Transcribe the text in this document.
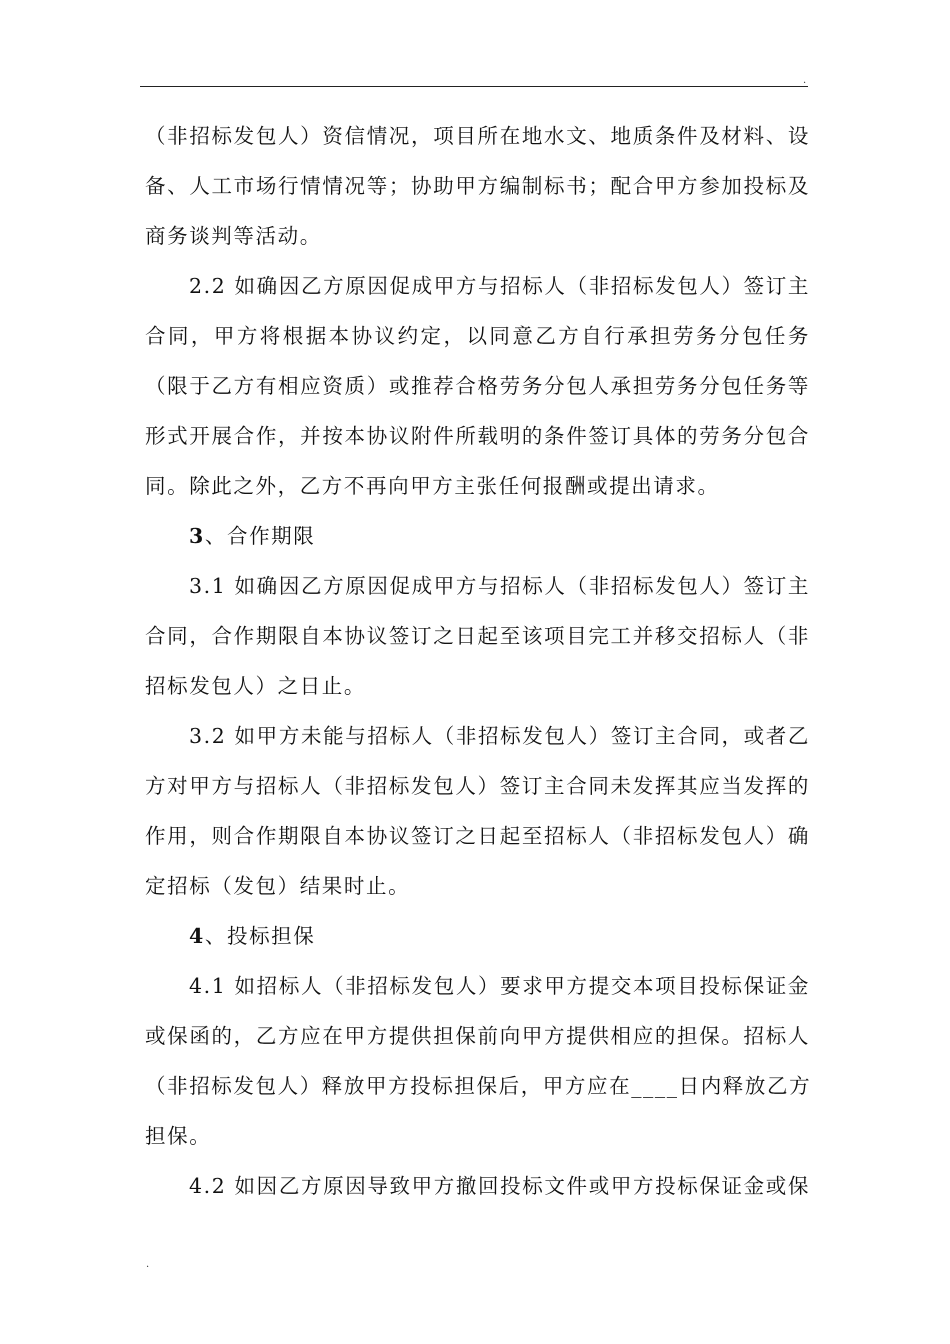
.
（非招标发包人）资信情况，项目所在地水文、地质条件及材料、设
备、人工市场行情情况等；协助甲方编制标书；配合甲方参加投标及
商务谈判等活动。
2.2 如确因乙方原因促成甲方与招标人（非招标发包人）签订主
合同，甲方将根据本协议约定，以同意乙方自行承担劳务分包任务
（限于乙方有相应资质）或推荐合格劳务分包人承担劳务分包任务等
形式开展合作，并按本协议附件所载明的条件签订具体的劳务分包合
同。除此之外，乙方不再向甲方主张任何报酬或提出请求。
3、合作期限
3.1 如确因乙方原因促成甲方与招标人（非招标发包人）签订主
合同，合作期限自本协议签订之日起至该项目完工并移交招标人（非
招标发包人）之日止。
3.2 如甲方未能与招标人（非招标发包人）签订主合同，或者乙
方对甲方与招标人（非招标发包人）签订主合同未发挥其应当发挥的
作用，则合作期限自本协议签订之日起至招标人（非招标发包人）确
定招标（发包）结果时止。
4、投标担保
4.1 如招标人（非招标发包人）要求甲方提交本项目投标保证金
或保函的，乙方应在甲方提供担保前向甲方提供相应的担保。招标人
（非招标发包人）释放甲方投标担保后，甲方应在____日内释放乙方
担保。
4.2 如因乙方原因导致甲方撤回投标文件或甲方投标保证金或保
.
